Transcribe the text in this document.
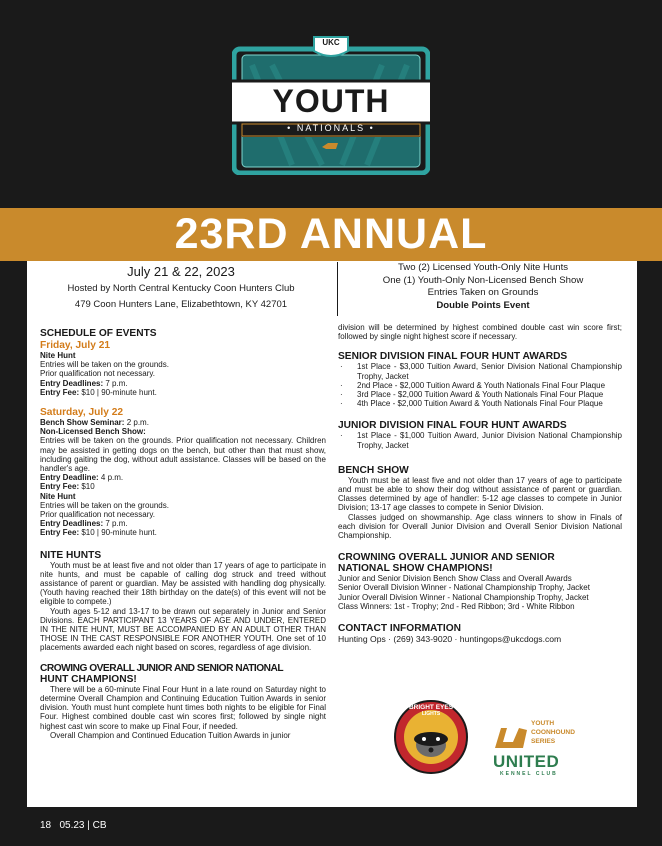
UKC
YOUTH
• NATIONALS •
23RD ANNUAL
July 21 & 22, 2023
Hosted by North Central Kentucky Coon Hunters Club
479 Coon Hunters Lane, Elizabethtown, KY 42701
Two (2) Licensed Youth-Only Nite Hunts
One (1) Youth-Only Non-Licensed Bench Show
Entries Taken on Grounds
Double Points Event
SCHEDULE OF EVENTS
Friday, July 21

Nite Hunt

Entries will be taken on the grounds.

Prior qualification not necessary.

Entry Deadlines: 7 p.m.

Entry Fee: $10 | 90-minute hunt.

Saturday, July 22

Bench Show Seminar: 2 p.m.

Non-Licensed Bench Show:

Entries will be taken on the grounds. Prior qualification not necessary. Children may be assisted in getting dogs on the bench, but other than that must show, including gaiting the dog, without adult assistance. Classes will be based on the handler's age.

Entry Deadline: 4 p.m.

Entry Fee: $10

Nite Hunt

Entries will be taken on the grounds.

Prior qualification not necessary.

Entry Deadlines: 7 p.m.

Entry Fee: $10 | 90-minute hunt.

NITE HUNTS

Youth must be at least five and not older than 17 years of age to participate in nite hunts, and must be capable of calling dog struck and treed without assistance of parent or guardian. May be assisted with handling dog physically. (Youth having reached their 18th birthday on the date(s) of this event will not be eligible to compete.)

Youth ages 5-12 and 13-17 to be drawn out separately in Junior and Senior Divisions. EACH PARTICIPANT 13 YEARS OF AGE AND UNDER, ENTERED IN THE NITE HUNT, MUST BE ACCOMPANIED BY AN ADULT OTHER THAN THOSE IN THE CAST RESPONSIBLE FOR ANOTHER YOUTH. One set of 10 placements awarded each night based on scores, regardless of age division.

CROWING OVERALL JUNIOR AND SENIOR NATIONAL
HUNT CHAMPIONS!

There will be a 60-minute Final Four Hunt in a late round on Saturday night to determine Overall Champion and Continuing Education Tuition Awards in senior division. Youth must hunt complete hunt times both nights to be eligible for Final Four. Highest combined double cast win scores first; followed by single night highest cast win score to make up Final Four, if needed.

Overall Champion and Continued Education Tuition Awards in junior

division will be determined by highest combined double cast win score first; followed by single night highest score if necessary.

SENIOR DIVISION FINAL FOUR HUNT AWARDS
· 1st Place - $3,000 Tuition Award, Senior Division National Championship Trophy, Jacket
· 2nd Place - $2,000 Tuition Award & Youth Nationals Final Four Plaque
· 3rd Place - $2,000 Tuition Award & Youth Nationals Final Four Plaque
· 4th Place - $2,000 Tuition Award & Youth Nationals Final Four Plaque
JUNIOR DIVISION FINAL FOUR HUNT AWARDS
· 1st Place - $1,000 Tuition Award, Junior Division National Championship Trophy, Jacket
BENCH SHOW

Youth must be at least five and not older than 17 years of age to participate and must be able to show their dog without assistance of parent or guardian. Classes determined by age of handler: 5-12 age classes to compete in Junior Division; 13-17 age classes to compete in Senior Division.

Classes judged on showmanship. Age class winners to show in Finals of each division for Overall Junior Division and Overall Senior Division National Championship.

CROWNING OVERALL JUNIOR AND SENIOR
NATIONAL SHOW CHAMPIONS!

Junior and Senior Division Bench Show Class and Overall Awards

Senior Overall Division Winner - National Championship Trophy, Jacket

Junior Overall Division Winner - National Championship Trophy, Jacket

Class Winners: 1st - Trophy; 2nd - Red Ribbon; 3rd - White Ribbon

CONTACT INFORMATION
Hunting Ops · (269) 343-9020 · huntingops@ukcdogs.com
BRIGHT EYES
LIGHTS
YOUTH COONHOUND SERIES
UNITED
KENNEL CLUB
18   05.23 | CB
